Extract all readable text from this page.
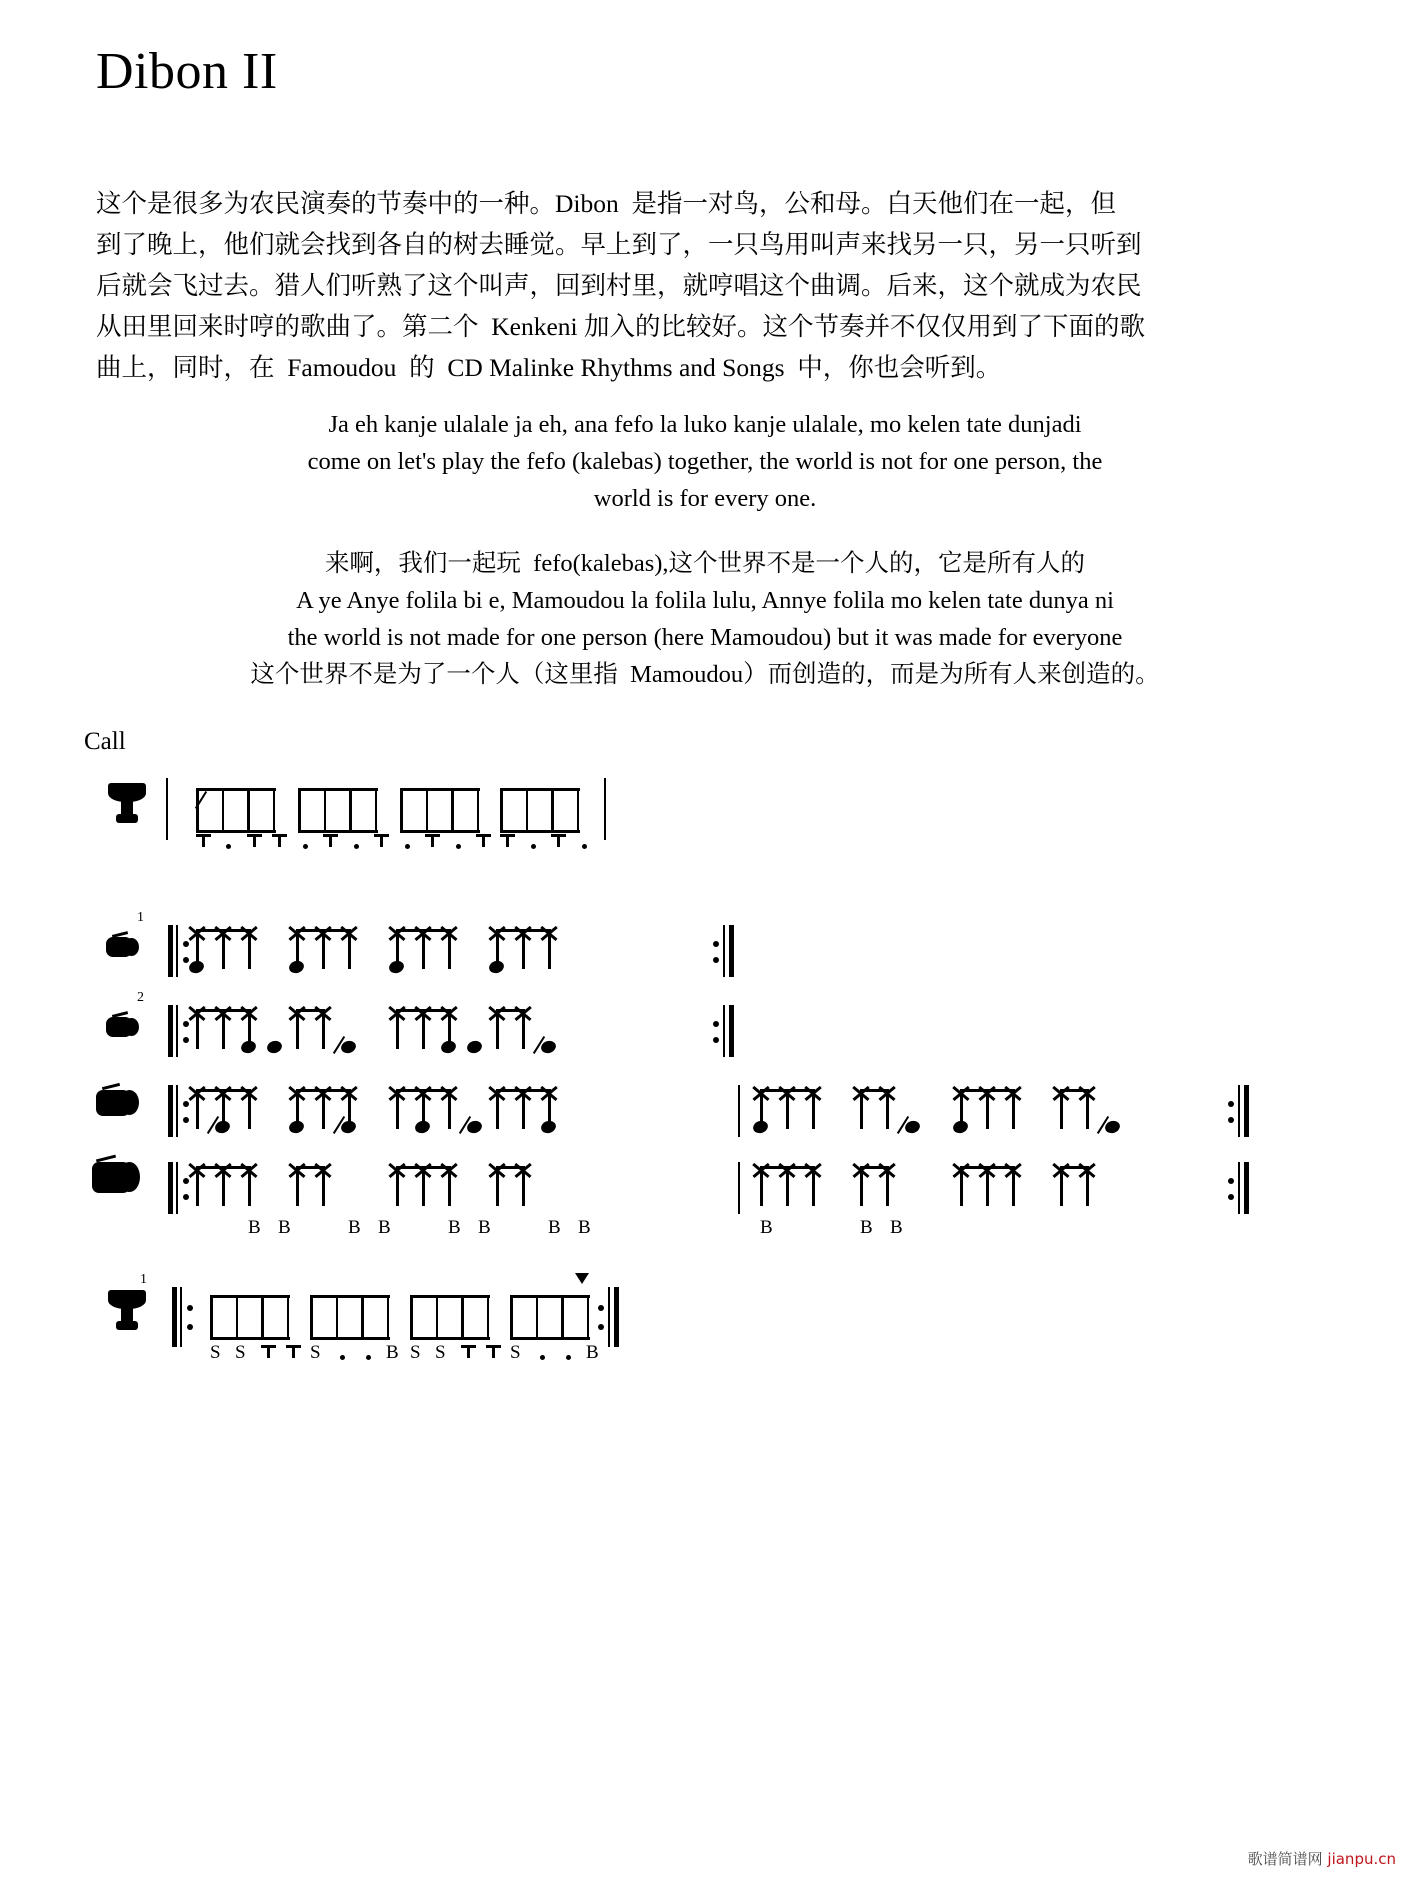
Dibon II
这个是很多为农民演奏的节奏中的一种。Dibon  是指一对鸟，公和母。白天他们在一起，但
到了晚上，他们就会找到各自的树去睡觉。早上到了，一只鸟用叫声来找另一只，另一只听到
后就会飞过去。猎人们听熟了这个叫声，回到村里，就哼唱这个曲调。后来，这个就成为农民
从田里回来时哼的歌曲了。第二个  Kenkeni 加入的比较好。这个节奏并不仅仅用到了下面的歌
曲上，同时，在  Famoudou  的  CD Malinke Rhythms and Songs  中，你也会听到。
Ja eh kanje ulalale ja eh, ana fefo la luko kanje ulalale, mo kelen tate dunjadi
come on let's play the fefo (kalebas) together, the world is not for one person, the
world is for every one.
来啊，我们一起玩  fefo(kalebas),这个世界不是一个人的，它是所有人的
A ye Anye folila bi e, Mamoudou la folila lulu, Annye folila mo kelen tate dunya ni
the world is not made for one person (here Mamoudou) but it was made for everyone
这个世界不是为了一个人（这里指  Mamoudou）而创造的，而是为所有人来创造的。
Call
1
2
B B	B B	B B	B B	B	B B
1
S S	S	B S S	S	B
歌谱简谱网 jianpu.cn
